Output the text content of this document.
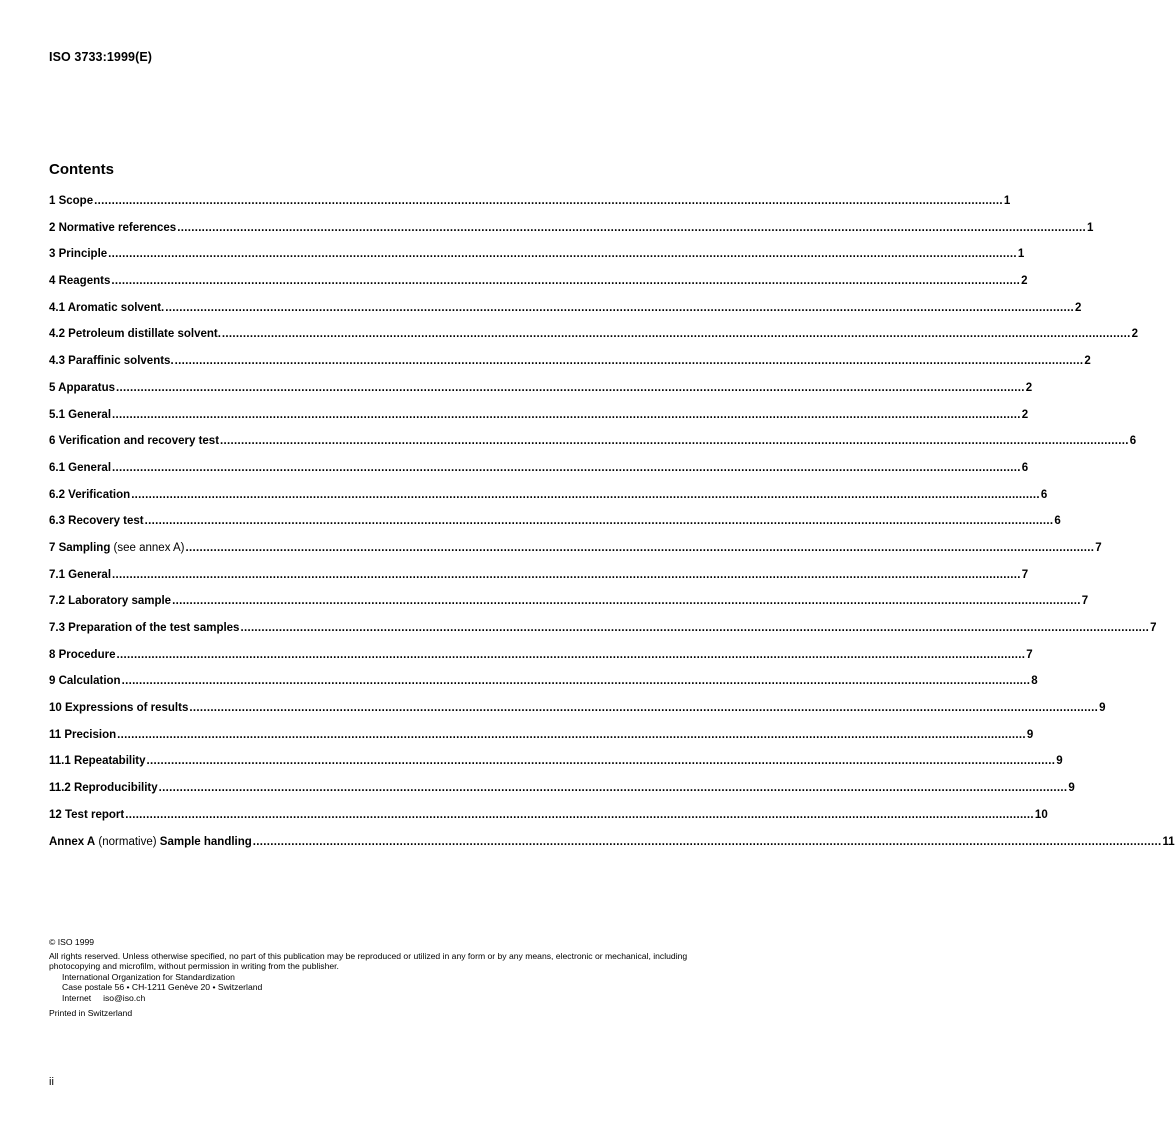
ISO 3733:1999(E)
Contents
1 Scope .................................................................................................................................................................................................................................................................... 1
2 Normative references .................................................................................................................................................................................................................................................................... 1
3 Principle .................................................................................................................................................................................................................................................................... 1
4 Reagents .................................................................................................................................................................................................................................................................... 2
4.1 Aromatic solvent. .................................................................................................................................................................................................................................................................... 2
4.2 Petroleum distillate solvent. .................................................................................................................................................................................................................................................................... 2
4.3 Paraffinic solvents. .................................................................................................................................................................................................................................................................... 2
5 Apparatus .................................................................................................................................................................................................................................................................... 2
5.1 General .................................................................................................................................................................................................................................................................... 2
6 Verification and recovery test .................................................................................................................................................................................................................................................................... 6
6.1 General .................................................................................................................................................................................................................................................................... 6
6.2 Verification .................................................................................................................................................................................................................................................................... 6
6.3 Recovery test .................................................................................................................................................................................................................................................................... 6
7 Sampling (see annex A) .................................................................................................................................................................................................................................................................... 7
7.1 General .................................................................................................................................................................................................................................................................... 7
7.2 Laboratory sample .................................................................................................................................................................................................................................................................... 7
7.3 Preparation of the test samples .................................................................................................................................................................................................................................................................... 7
8 Procedure .................................................................................................................................................................................................................................................................... 7
9 Calculation .................................................................................................................................................................................................................................................................... 8
10 Expressions of results .................................................................................................................................................................................................................................................................... 9
11 Precision .................................................................................................................................................................................................................................................................... 9
11.1 Repeatability .................................................................................................................................................................................................................................................................... 9
11.2 Reproducibility .................................................................................................................................................................................................................................................................... 9
12 Test report .................................................................................................................................................................................................................................................................... 10
Annex A (normative) Sample handling .................................................................................................................................................................................................................................................................... 11

© ISO 1999

All rights reserved. Unless otherwise specified, no part of this publication may be reproduced or utilized in any form or by any means, electronic or mechanical, including photocopying and microfilm, without permission in writing from the publisher.

International Organization for Standardization

Case postale 56 • CH-1211 Genève 20 • Switzerland

Internet     iso@iso.ch

Printed in Switzerland

ii
